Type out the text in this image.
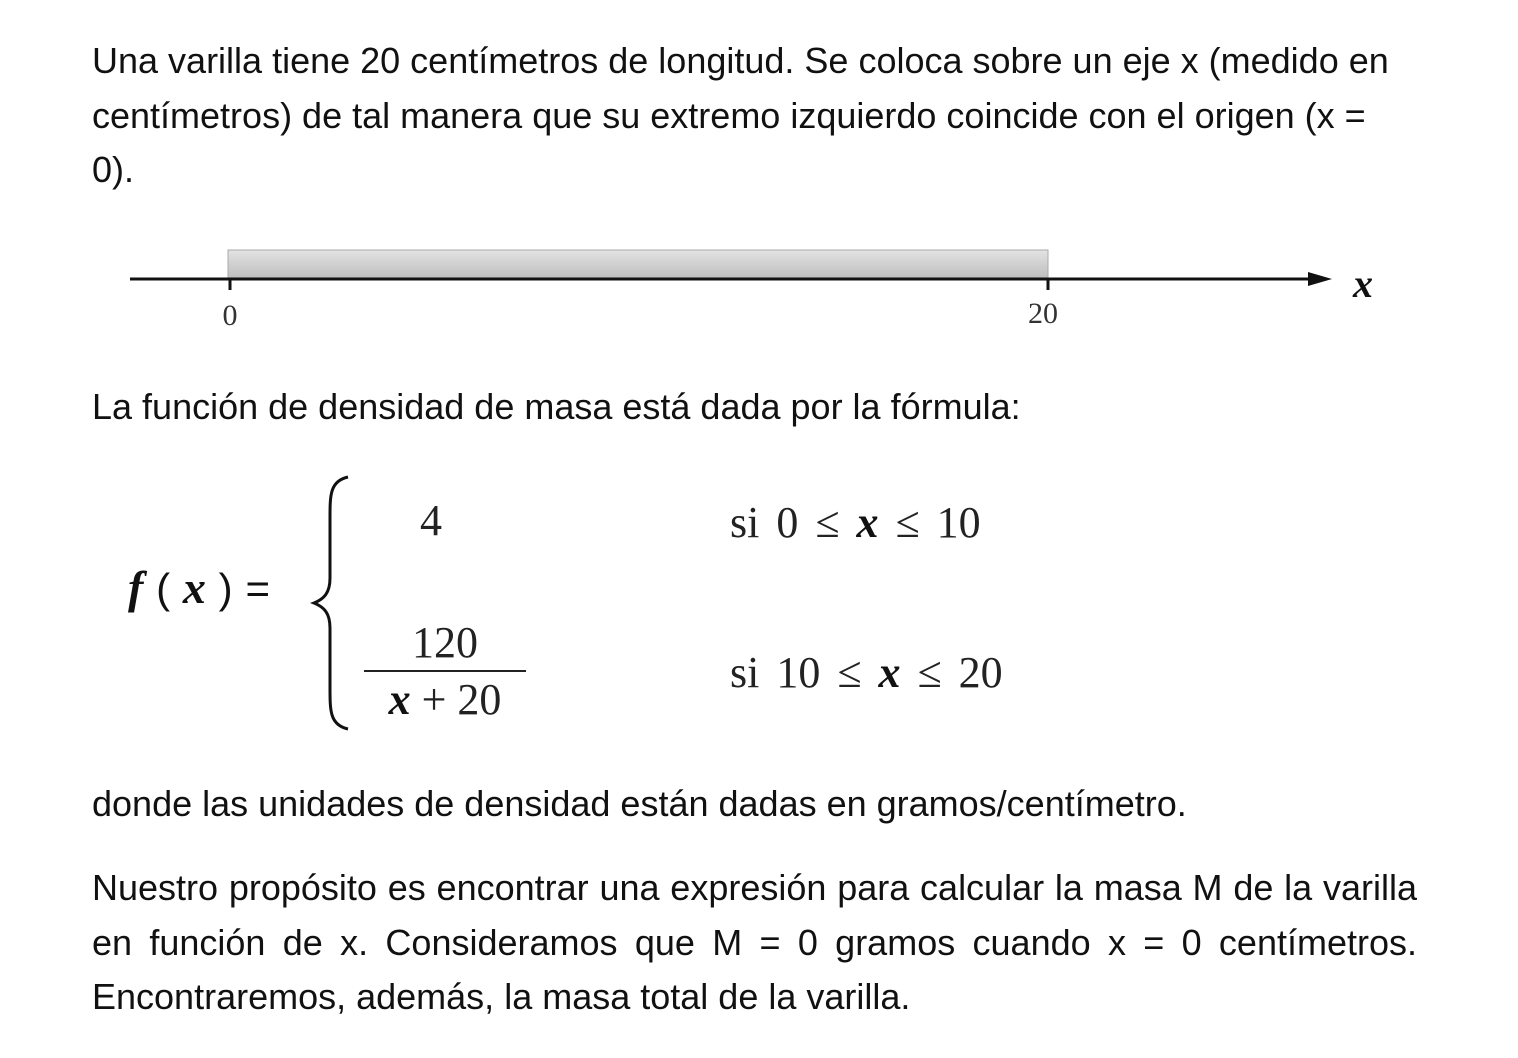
Una varilla tiene 20 centímetros de longitud. Se coloca sobre un eje x (medido en centímetros) de tal manera que su extremo izquierdo coincide con el origen (x = 0).

0	20
x

La función de densidad de masa está dada por la fórmula:

f ( x ) =
4	si 0 ≤ x ≤ 10
120
x + 20
si 10 ≤ x ≤ 20

donde las unidades de densidad están dadas en gramos/centímetro.

Nuestro propósito es encontrar una expresión para calcular la masa M de la varilla en función de x. Consideramos que M = 0 gramos cuando x = 0 centímetros. Encontraremos, además, la masa total de la varilla.
